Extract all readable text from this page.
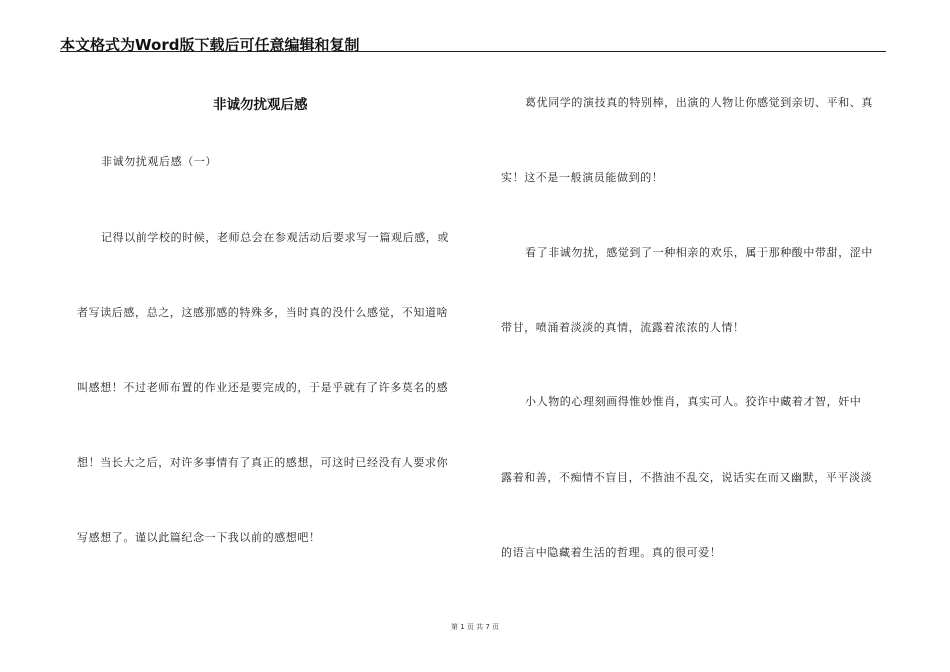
本文格式为Word版下载后可任意编辑和复制
非诚勿扰观后感
非诚勿扰观后感（一）
记得以前学校的时候，老师总会在参观活动后要求写一篇观后感，或
者写读后感，总之，这感那感的特殊多，当时真的没什么感觉，不知道啥
叫感想！不过老师布置的作业还是要完成的，于是乎就有了许多莫名的感
想！当长大之后，对许多事情有了真正的感想，可这时已经没有人要求你
写感想了。谨以此篇纪念一下我以前的感想吧！
葛优同学的演技真的特别棒，出演的人物让你感觉到亲切、平和、真
实！这不是一般演员能做到的！
看了非诚勿扰，感觉到了一种相亲的欢乐，属于那种酸中带甜，涩中
带甘，喷涌着淡淡的真情，流露着浓浓的人情！
小人物的心理刻画得惟妙惟肖，真实可人。狡诈中藏着才智，奸中
露着和善，不痴情不盲目，不揩油不乱交，说话实在而又幽默，平平淡淡
的语言中隐藏着生活的哲理。真的很可爱！
第 1 页 共 7 页
